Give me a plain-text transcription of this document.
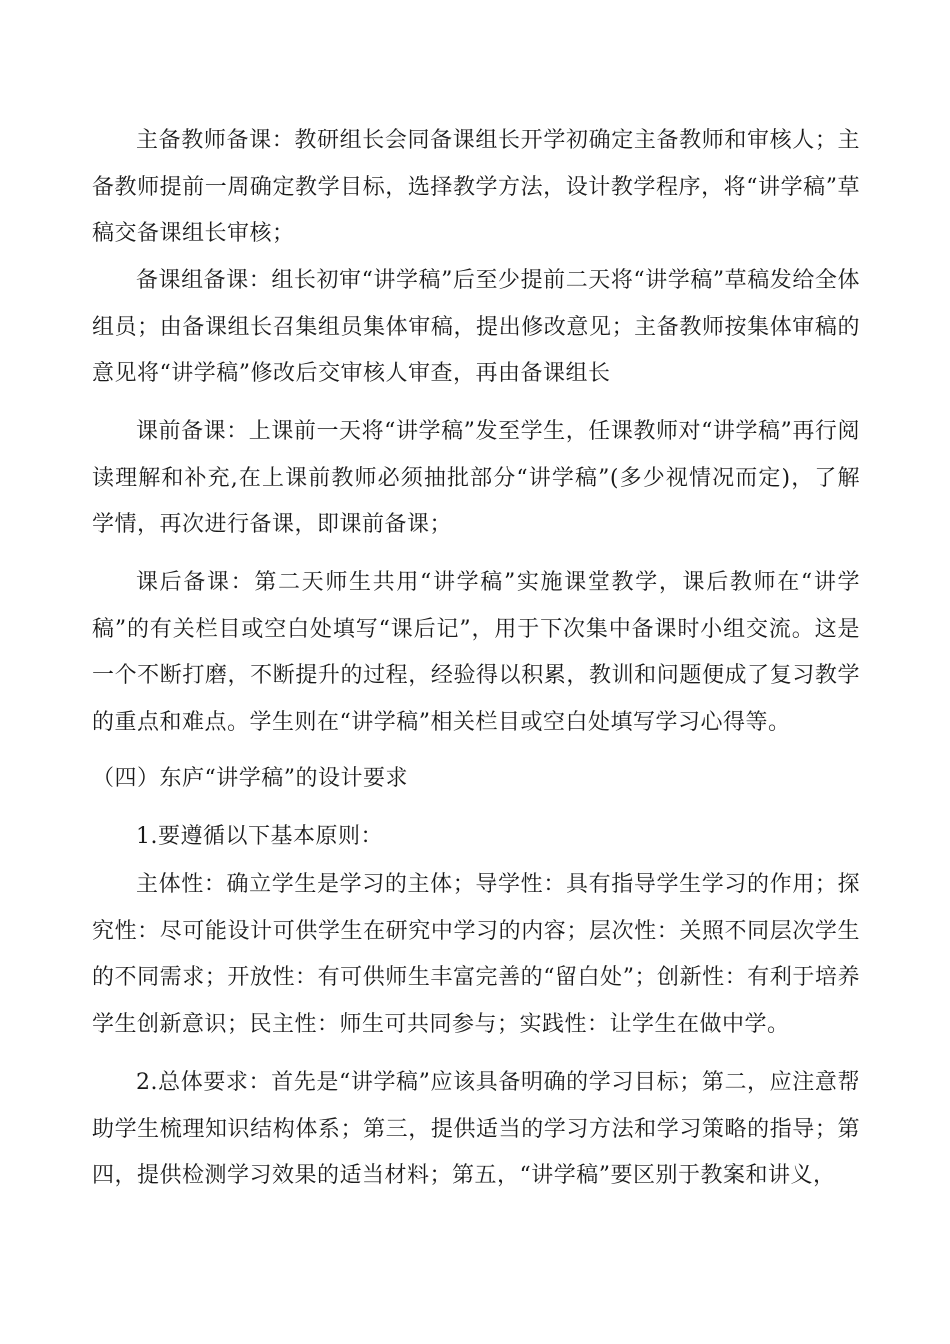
主备教师备课：教研组长会同备课组长开学初确定主备教师和审核人；主备教师提前一周确定教学目标，选择教学方法，设计教学程序，将“讲学稿”草稿交备课组长审核；

备课组备课：组长初审“讲学稿”后至少提前二天将“讲学稿”草稿发给全体组员；由备课组长召集组员集体审稿，提出修改意见；主备教师按集体审稿的意见将“讲学稿”修改后交审核人审查，再由备课组长

课前备课：上课前一天将“讲学稿”发至学生，任课教师对“讲学稿”再行阅读理解和补充,在上课前教师必须抽批部分“讲学稿”(多少视情况而定)，了解学情，再次进行备课，即课前备课；

课后备课：第二天师生共用“讲学稿”实施课堂教学，课后教师在“讲学稿”的有关栏目或空白处填写“课后记”，用于下次集中备课时小组交流。这是一个不断打磨，不断提升的过程，经验得以积累，教训和问题便成了复习教学的重点和难点。学生则在“讲学稿”相关栏目或空白处填写学习心得等。

（四）东庐“讲学稿”的设计要求

1.要遵循以下基本原则：

主体性：确立学生是学习的主体；导学性：具有指导学生学习的作用；探究性：尽可能设计可供学生在研究中学习的内容；层次性：关照不同层次学生的不同需求；开放性：有可供师生丰富完善的“留白处”；创新性：有利于培养学生创新意识；民主性：师生可共同参与；实践性：让学生在做中学。

2.总体要求：首先是“讲学稿”应该具备明确的学习目标；第二，应注意帮助学生梳理知识结构体系；第三，提供适当的学习方法和学习策略的指导；第四，提供检测学习效果的适当材料；第五，“讲学稿”要区别于教案和讲义，
